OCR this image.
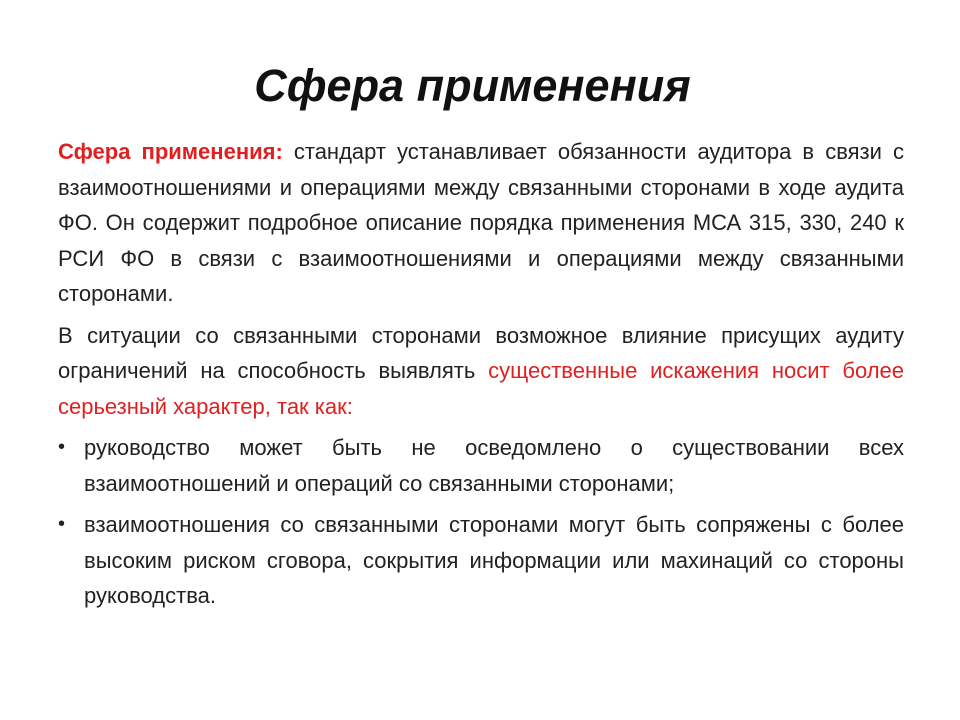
Сфера применения

Сфера применения: стандарт устанавливает обязанности аудитора в связи с взаимоотношениями и операциями между связанными сторонами в ходе аудита ФО. Он содержит подробное описание порядка применения МСА 315, 330, 240 к РСИ ФО в связи с взаимоотношениями и операциями между связанными сторонами.

В ситуации со связанными сторонами возможное влияние присущих аудиту ограничений на способность выявлять существенные искажения носит более серьезный характер, так как:

• руководство может быть не осведомлено о существовании всех взаимоотношений и операций со связанными сторонами;
• взаимоотношения со связанными сторонами могут быть сопряжены с более высоким риском сговора, сокрытия информации или махинаций со стороны руководства.
